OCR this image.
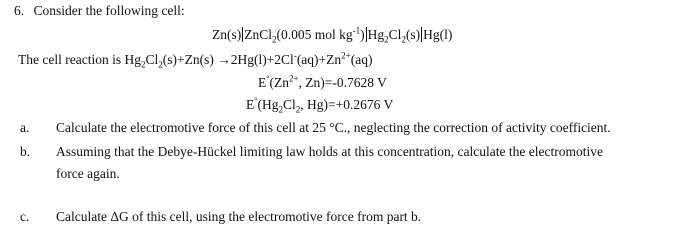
6. Consider the following cell:
Zn(s) ZnCl$_2$(0.005 mol $kg^{-1}$) $Hg_2Cl_2(s)$ Hg(l)
The cell reaction is $Hg_2Cl_2(s)+Zn(s) \to 2Hg(l)+2Cl^-(aq)+Zn^{2+}(aq)$
$E^\circ(Zn^{2+}$, Zn)=-0.7628 V
$E^\circ(Hg_2Cl_2$, Hg)=+0.2676 V
a. Calculate the electromotive force of this cell at 25 °C., neglecting the correction of activity coefficient.
b. Assuming that the Debye-Hückel limiting law holds at this concentration, calculate the electromotive
force again.
c. Calculate ΔG of this cell, using the electromotive force from part b.
